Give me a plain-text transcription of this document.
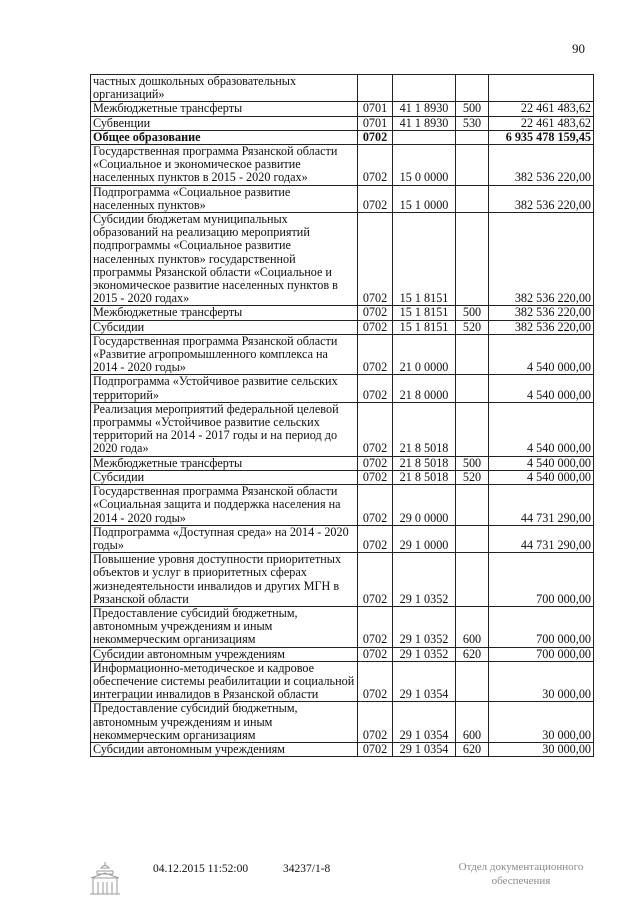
90
частных дошкольных образовательных организаций»				
Межбюджетные трансферты	0701	41 1 8930	500	22 461 483,62
Субвенции	0701	41 1 8930	530	22 461 483,62
Общее образование	0702			6 935 478 159,45
Государственная программа Рязанской области «Социальное и экономическое развитие населенных пунктов в 2015 - 2020 годах»	0702	15 0 0000		382 536 220,00
Подпрограмма «Социальное развитие населенных пунктов»	0702	15 1 0000		382 536 220,00
Субсидии бюджетам муниципальных образований на реализацию мероприятий подпрограммы «Социальное развитие населенных пунктов» государственной программы Рязанской области «Социальное и экономическое развитие населенных пунктов в 2015 - 2020 годах»	0702	15 1 8151		382 536 220,00
Межбюджетные трансферты	0702	15 1 8151	500	382 536 220,00
Субсидии	0702	15 1 8151	520	382 536 220,00
Государственная программа Рязанской области «Развитие агропромышленного комплекса на 2014 - 2020 годы»	0702	21 0 0000		4 540 000,00
Подпрограмма «Устойчивое развитие сельских территорий»	0702	21 8 0000		4 540 000,00
Реализация мероприятий федеральной целевой программы «Устойчивое развитие сельских территорий на 2014 - 2017 годы и на период до 2020 года»	0702	21 8 5018		4 540 000,00
Межбюджетные трансферты	0702	21 8 5018	500	4 540 000,00
Субсидии	0702	21 8 5018	520	4 540 000,00
Государственная программа Рязанской области «Социальная защита и поддержка населения на 2014 - 2020 годы»	0702	29 0 0000		44 731 290,00
Подпрограмма «Доступная среда» на 2014 - 2020 годы»	0702	29 1 0000		44 731 290,00
Повышение уровня доступности приоритетных объектов и услуг в приоритетных сферах жизнедеятельности инвалидов и других МГН в Рязанской области	0702	29 1 0352		700 000,00
Предоставление субсидий бюджетным, автономным учреждениям и иным некоммерческим организациям	0702	29 1 0352	600	700 000,00
Субсидии автономным учреждениям	0702	29 1 0352	620	700 000,00
Информационно-методическое и кадровое обеспечение системы реабилитации и социальной интеграции инвалидов в Рязанской области	0702	29 1 0354		30 000,00
Предоставление субсидий бюджетным, автономным учреждениям и иным некоммерческим организациям	0702	29 1 0354	600	30 000,00
Субсидии автономным учреждениям	0702	29 1 0354	620	30 000,00
04.12.2015 11:52:00	34237/1-8	Отдел документационного
обеспечения
